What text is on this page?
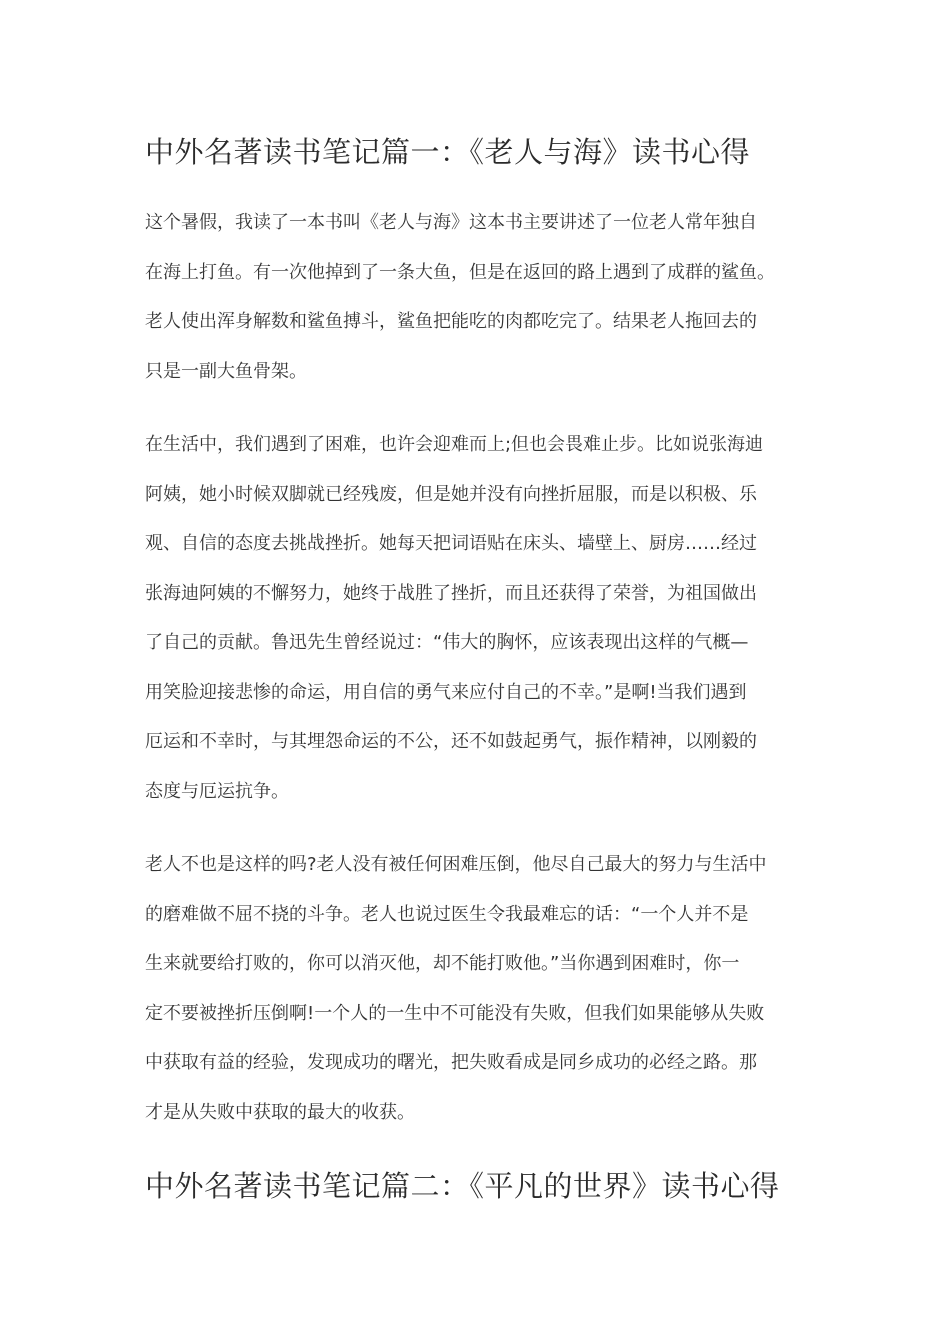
中外名著读书笔记篇一：《老人与海》读书心得

这个暑假，我读了一本书叫《老人与海》这本书主要讲述了一位老人常年独自
在海上打鱼。有一次他掉到了一条大鱼，但是在返回的路上遇到了成群的鲨鱼。
老人使出浑身解数和鲨鱼搏斗，鲨鱼把能吃的肉都吃完了。结果老人拖回去的
只是一副大鱼骨架。

在生活中，我们遇到了困难，也许会迎难而上;但也会畏难止步。比如说张海迪
阿姨，她小时候双脚就已经残废，但是她并没有向挫折屈服，而是以积极、乐
观、自信的态度去挑战挫折。她每天把词语贴在床头、墙壁上、厨房……经过
张海迪阿姨的不懈努力，她终于战胜了挫折，而且还获得了荣誉，为祖国做出
了自己的贡献。鲁迅先生曾经说过：“伟大的胸怀，应该表现出这样的气概—
用笑脸迎接悲惨的命运，用自信的勇气来应付自己的不幸。”是啊!当我们遇到
厄运和不幸时，与其埋怨命运的不公，还不如鼓起勇气，振作精神，以刚毅的
态度与厄运抗争。

老人不也是这样的吗?老人没有被任何困难压倒，他尽自己最大的努力与生活中
的磨难做不屈不挠的斗争。老人也说过医生令我最难忘的话：“一个人并不是
生来就要给打败的，你可以消灭他，却不能打败他。”当你遇到困难时，你一
定不要被挫折压倒啊!一个人的一生中不可能没有失败，但我们如果能够从失败
中获取有益的经验，发现成功的曙光，把失败看成是同乡成功的必经之路。那
才是从失败中获取的最大的收获。

中外名著读书笔记篇二：《平凡的世界》读书心得
